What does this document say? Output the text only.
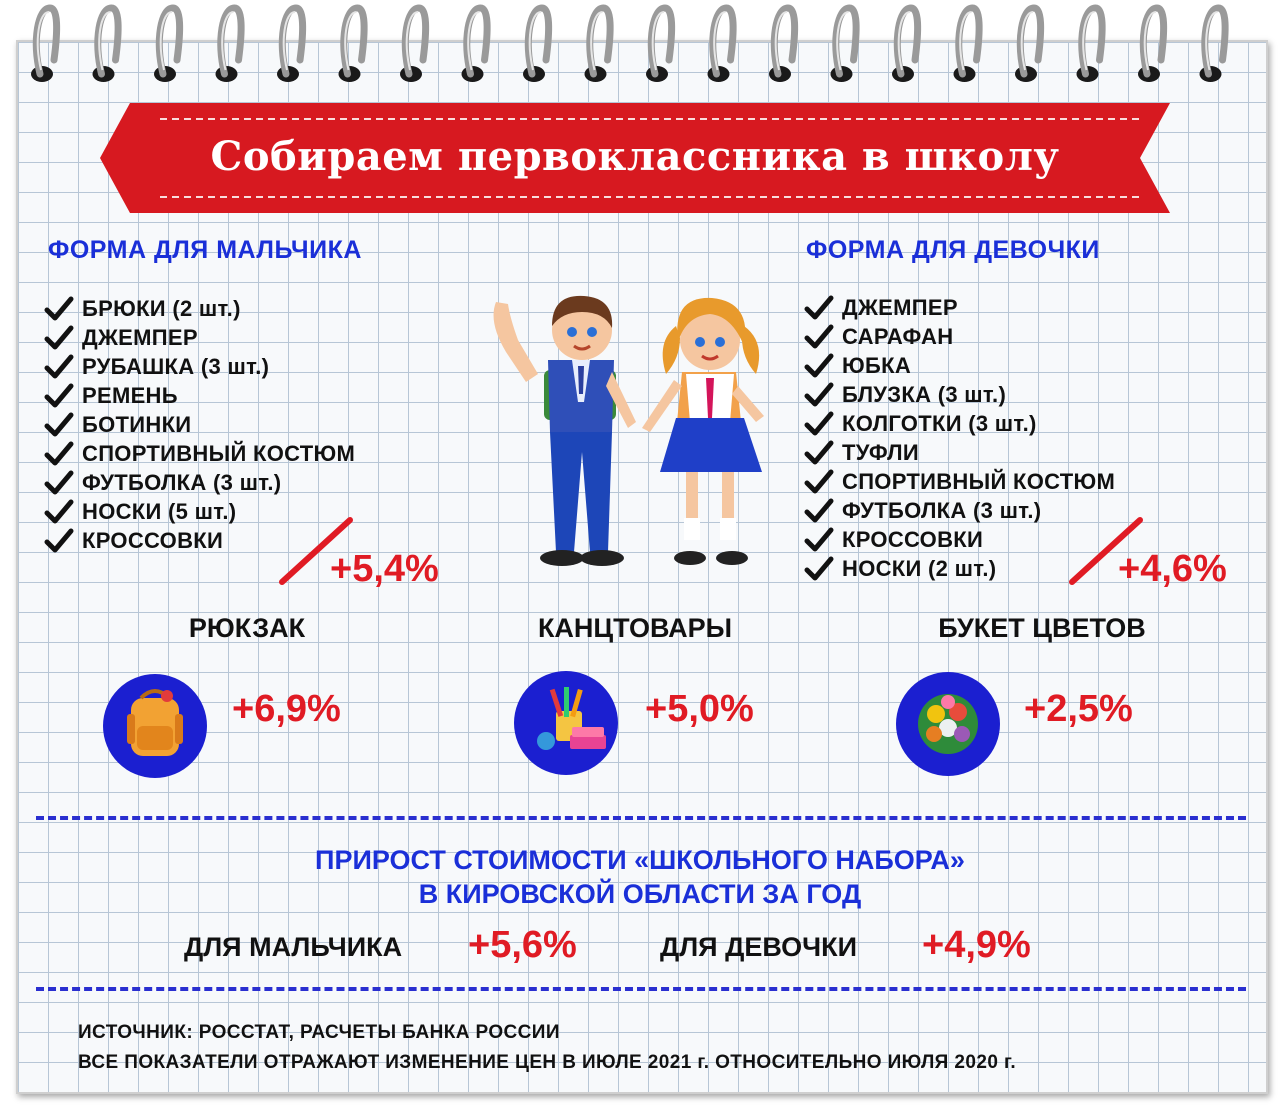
Собираем первоклассника в школу
ФОРМА ДЛЯ МАЛЬЧИКА
БРЮКИ (2 шт.)
ДЖЕМПЕР
РУБАШКА (3 шт.)
РЕМЕНЬ
БОТИНКИ
СПОРТИВНЫЙ КОСТЮМ
ФУТБОЛКА (3 шт.)
НОСКИ (5 шт.)
КРОССОВКИ
+5,4%
ФОРМА ДЛЯ ДЕВОЧКИ
ДЖЕМПЕР
САРАФАН
ЮБКА
БЛУЗКА (3 шт.)
КОЛГОТКИ (3 шт.)
ТУФЛИ
СПОРТИВНЫЙ КОСТЮМ
ФУТБОЛКА (3 шт.)
КРОССОВКИ
НОСКИ (2 шт.)	+4,6%
РЮКЗАК	КАНЦТОВАРЫ	БУКЕТ ЦВЕТОВ
+6,9%	+5,0%	+2,5%
ПРИРОСТ СТОИМОСТИ «ШКОЛЬНОГО НАБОРА»
В КИРОВСКОЙ ОБЛАСТИ ЗА ГОД
ДЛЯ МАЛЬЧИКА +5,6%	ДЛЯ ДЕВОЧКИ +4,9%
ИСТОЧНИК: РОССТАТ, РАСЧЕТЫ БАНКА РОССИИ
ВСЕ ПОКАЗАТЕЛИ ОТРАЖАЮТ ИЗМЕНЕНИЕ ЦЕН В ИЮЛЕ 2021 г. ОТНОСИТЕЛЬНО ИЮЛЯ 2020 г.
